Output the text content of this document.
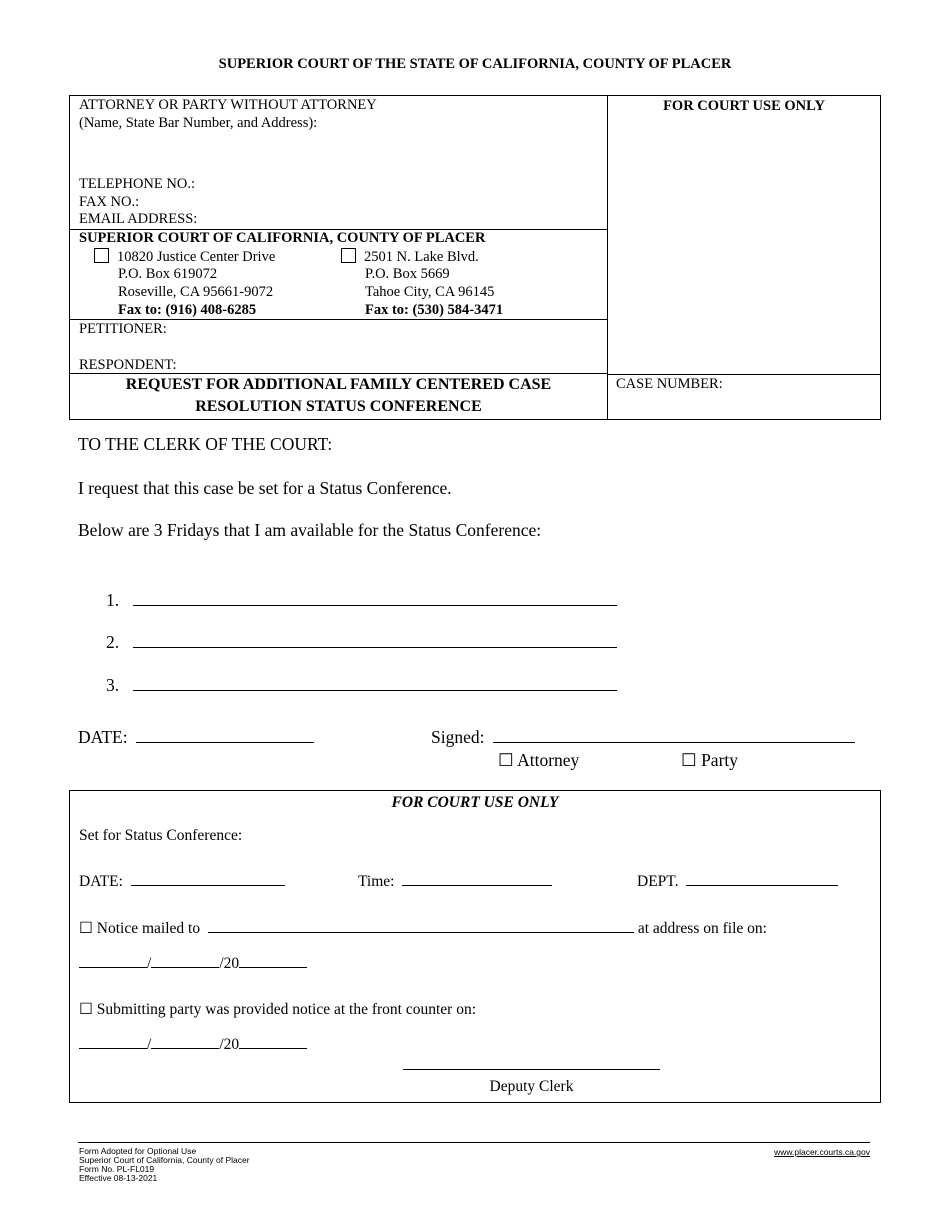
SUPERIOR COURT OF THE STATE OF CALIFORNIA, COUNTY OF PLACER
ATTORNEY OR PARTY WITHOUT ATTORNEY
(Name, State Bar Number, and Address):
TELEPHONE NO.:
FAX NO.:
EMAIL ADDRESS:
SUPERIOR COURT OF CALIFORNIA, COUNTY OF PLACER
10820 Justice Center Drive
P.O. Box 619072
Roseville, CA 95661-9072
Fax to: (916) 408-6285
2501 N. Lake Blvd.
P.O. Box 5669
Tahoe City, CA 96145
Fax to: (530) 584-3471
PETITIONER:
RESPONDENT:
REQUEST FOR ADDITIONAL FAMILY CENTERED CASE
RESOLUTION STATUS CONFERENCE
FOR COURT USE ONLY
CASE NUMBER:
TO THE CLERK OF THE COURT:
I request that this case be set for a Status Conference.
Below are 3 Fridays that I am available for the Status Conference:
1.
2.
3.
DATE:	Signed:
☐ Attorney	☐ Party
FOR COURT USE ONLY
Set for Status Conference:
DATE:	Time:	DEPT.
☐ Notice mailed to	at address on file on:
/	/20
☐ Submitting party was provided notice at the front counter on:
/	/20
Deputy Clerk
Form Adopted for Optional Use
Superior Court of California, County of Placer
Form No. PL-FL019
Effective 08-13-2021
www.placer.courts.ca.gov
